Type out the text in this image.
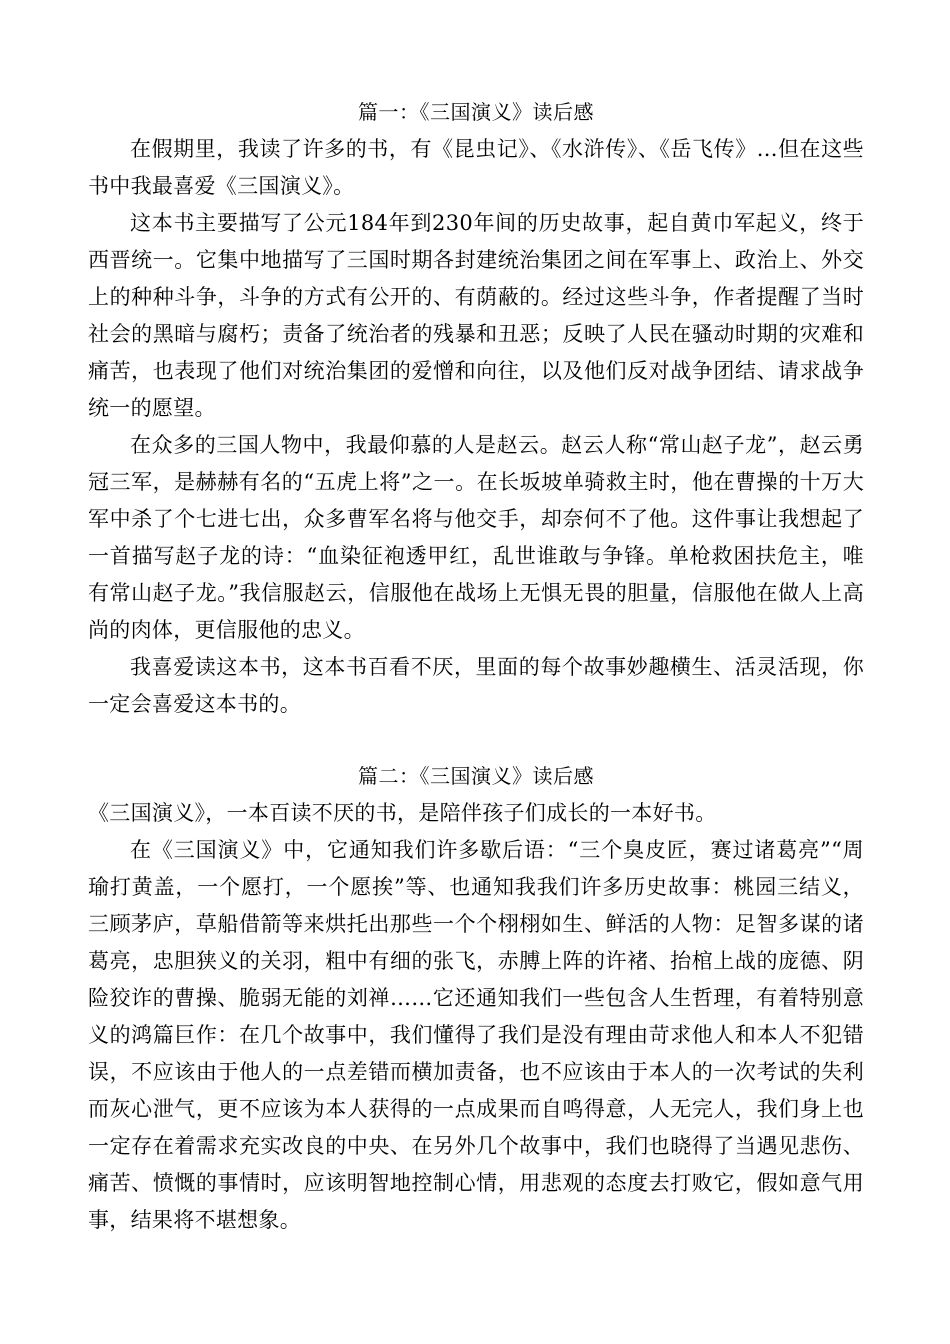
篇一：《三国演义》读后感

在假期里，我读了许多的书，有《昆虫记》、《水浒传》、《岳飞传》...但在这些书中我最喜爱《三国演义》。

这本书主要描写了公元184年到230年间的历史故事，起自黄巾军起义，终于西晋统一。它集中地描写了三国时期各封建统治集团之间在军事上、政治上、外交上的种种斗争，斗争的方式有公开的、有荫蔽的。经过这些斗争，作者提醒了当时社会的黑暗与腐朽；责备了统治者的残暴和丑恶；反映了人民在骚动时期的灾难和痛苦，也表现了他们对统治集团的爱憎和向往，以及他们反对战争团结、请求战争统一的愿望。

在众多的三国人物中，我最仰慕的人是赵云。赵云人称“常山赵子龙”，赵云勇冠三军，是赫赫有名的“五虎上将”之一。在长坂坡单骑救主时，他在曹操的十万大军中杀了个七进七出，众多曹军名将与他交手，却奈何不了他。这件事让我想起了一首描写赵子龙的诗：“血染征袍透甲红，乱世谁敢与争锋。单枪救困扶危主，唯有常山赵子龙。”我信服赵云，信服他在战场上无惧无畏的胆量，信服他在做人上高尚的肉体，更信服他的忠义。

我喜爱读这本书，这本书百看不厌，里面的每个故事妙趣横生、活灵活现，你一定会喜爱这本书的。

篇二：《三国演义》读后感

《三国演义》，一本百读不厌的书，是陪伴孩子们成长的一本好书。

在《三国演义》中，它通知我们许多歇后语：“三个臭皮匠，赛过诸葛亮”“周瑜打黄盖，一个愿打，一个愿挨”等、也通知我我们许多历史故事：桃园三结义，三顾茅庐，草船借箭等来烘托出那些一个个栩栩如生、鲜活的人物：足智多谋的诸葛亮，忠胆狭义的关羽，粗中有细的张飞，赤膊上阵的许褚、抬棺上战的庞德、阴险狡诈的曹操、脆弱无能的刘禅……它还通知我们一些包含人生哲理，有着特别意义的鸿篇巨作：在几个故事中，我们懂得了我们是没有理由苛求他人和本人不犯错误，不应该由于他人的一点差错而横加责备，也不应该由于本人的一次考试的失利而灰心泄气，更不应该为本人获得的一点成果而自鸣得意，人无完人，我们身上也一定存在着需求充实改良的中央、在另外几个故事中，我们也晓得了当遇见悲伤、痛苦、愤慨的事情时，应该明智地控制心情，用悲观的态度去打败它，假如意气用事，结果将不堪想象。
